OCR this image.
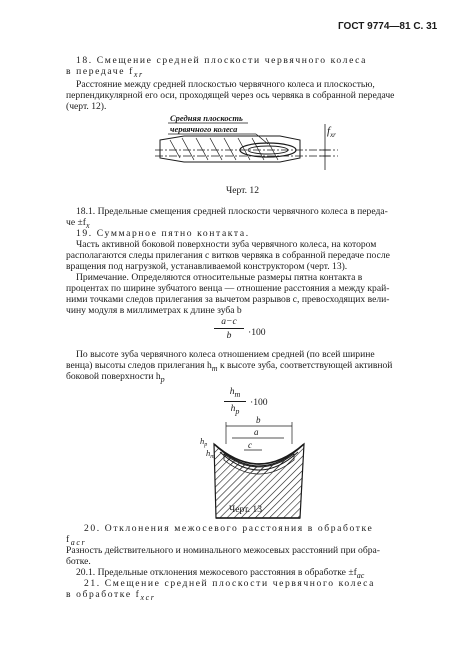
ГОСТ 9774—81 С. 31
18. Смещение средней плоскости червячного колеса
в передаче $f_{xr}$
Расстояние между средней плоскостью червячного колеса и плоскостью,
перпендикулярной его оси, проходящей через ось червяка в собранной передаче
(черт. 12).
Средняя плоскость
червячного колеса	$f_{xr}$
Черт. 12
18.1. Предельные смещения средней плоскости червячного колеса в переда-
че $\pm f_x$
19. Суммарное пятно контакта.
Часть активной боковой поверхности зуба червячного колеса, на котором
располагаются следы прилегания с витков червяка в собранной передаче после
вращения под нагрузкой, устанавливаемой конструктором (черт. 13).
Примечание. Определяются относительные размеры пятна контакта в
процентах по ширине зубчатого венца — отношение расстояния a между край-
ними точками следов прилегания за вычетом разрывов c, превосходящих вели-
чину модуля в миллиметрах к длине зуба b
a−c
b	·100
По высоте зуба червячного колеса отношением средней (по всей ширине
венца) высоты следов прилегания $h_m$ к высоте зуба, соответствующей активной
боковой поверхности $h_p$
$h_m$
$h_p$
·100
b
a
c
$h_p$
$h_m$
Черт. 13
20. Отклонения межосевого расстояния в обработке
$f_{acr}$
Разность действительного и номинального межосевых расстояний при обра-
ботке.
20.1. Предельные отклонения межосевого расстояния в обработке $\pm f_{ac}$
21. Смещение средней плоскости червячного колеса
в обработке $f_{xcr}$
